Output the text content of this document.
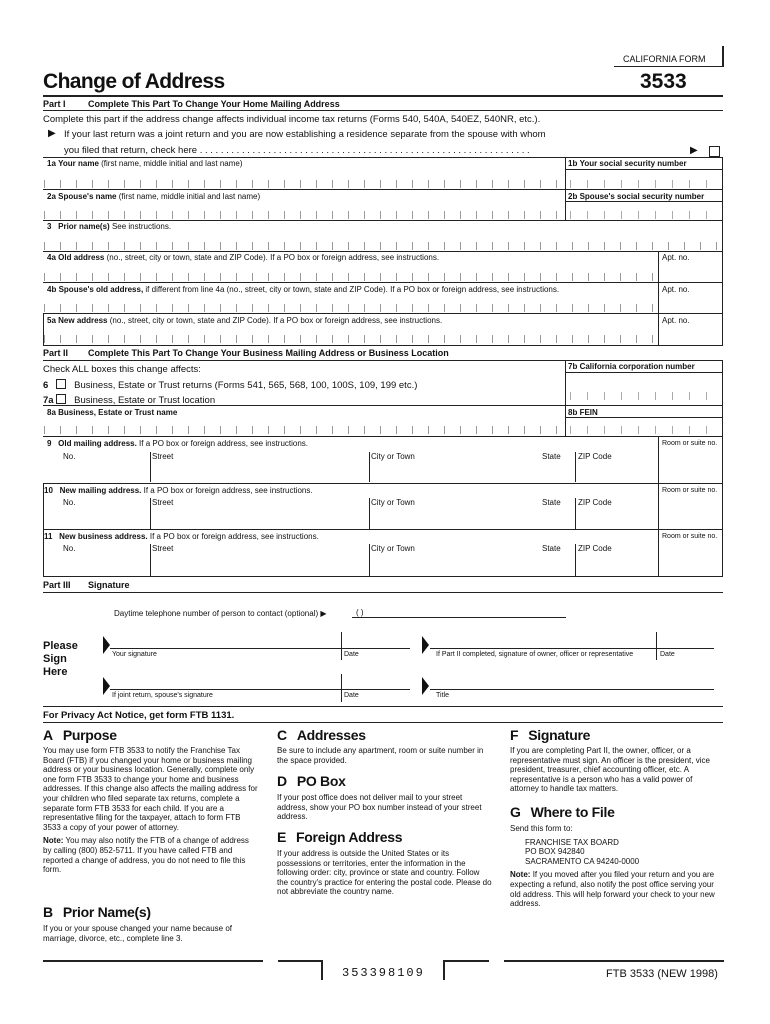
CALIFORNIA FORM
Change of Address	3533
Part I Complete This Part To Change Your Home Mailing Address
Complete this part if the address change affects individual income tax returns (Forms 540, 540A, 540EZ, 540NR, etc.).
▶ If your last return was a joint return and you are now establishing a residence separate from the spouse with whom
you filed that return, check here . . . . . . . . . . . . . . . . . . . . . . . . . . . . . . . . . . . . . . . . . . . . . . . . . . . . . . . . . . . . . . .	▶
1a Your name (first name, middle initial and last name)	1b Your social security number
2a Spouse's name (first name, middle initial and last name)	2b Spouse's social security number
3 Prior name(s) See instructions.
4a Old address (no., street, city or town, state and ZIP Code). If a PO box or foreign address, see instructions.	Apt. no.
4b Spouse's old address, if different from line 4a (no., street, city or town, state and ZIP Code). If a PO box or foreign address, see instructions.	Apt. no.
5a New address (no., street, city or town, state and ZIP Code). If a PO box or foreign address, see instructions.	Apt. no.
Part II Complete This Part To Change Your Business Mailing Address or Business Location
7b California corporation number
Check ALL boxes this change affects:
6	Business, Estate or Trust returns (Forms 541, 565, 568, 100, 100S, 109, 199 etc.)
7a Business, Estate or Trust location
8a Business, Estate or Trust name	8b FEIN
9 Old mailing address. If a PO box or foreign address, see instructions.	Room or suite no.
No.	Street	City or Town	State ZIP Code
10 New mailing address. If a PO box or foreign address, see instructions.	Room or suite no.
No.	Street	City or Town	State ZIP Code
11 New business address. If a PO box or foreign address, see instructions.	Room or suite no.
No.	Street	City or Town	State ZIP Code
Part III Signature
Daytime telephone number of person to contact (optional) ▶	( )
Please
Sign
Here
Your signature	Date	If Part II completed, signature of owner, officer or representative	Date
If joint return, spouse's signature	Date	Title
For Privacy Act Notice, get form FTB 1131.
A Purpose

You may use form FTB 3533 to notify the Franchise Tax Board (FTB) if you changed your home or business mailing address or your business location. Generally, complete only one form FTB 3533 to change your home and business addresses. If this change also affects the mailing address for your children who filed separate tax returns, complete a separate form FTB 3533 for each child. If you are a representative filing for the taxpayer, attach to form FTB 3533 a copy of your power of attorney.

Note: You may also notify the FTB of a change of address by calling (800) 852-5711. If you have called FTB and reported a change of address, you do not need to file this form.

B Prior Name(s)

If you or your spouse changed your name because of marriage, divorce, etc., complete line 3.

C Addresses

Be sure to include any apartment, room or suite number in the space provided.

D PO Box

If your post office does not deliver mail to your street address, show your PO box number instead of your street address.

E Foreign Address

If your address is outside the United States or its possessions or territories, enter the information in the following order: city, province or state and country. Follow the country's practice for entering the postal code. Please do not abbreviate the country name.

F Signature

If you are completing Part II, the owner, officer, or a representative must sign. An officer is the president, vice president, treasurer, chief accounting officer, etc. A representative is a person who has a valid power of attorney to handle tax matters.

G Where to File

Send this form to:

FRANCHISE TAX BOARD
PO BOX 942840
SACRAMENTO CA 94240-0000

Note: If you moved after you filed your return and you are expecting a refund, also notify the post office serving your old address. This will help forward your check to your new address.

353398109	FTB 3533 (NEW 1998)
